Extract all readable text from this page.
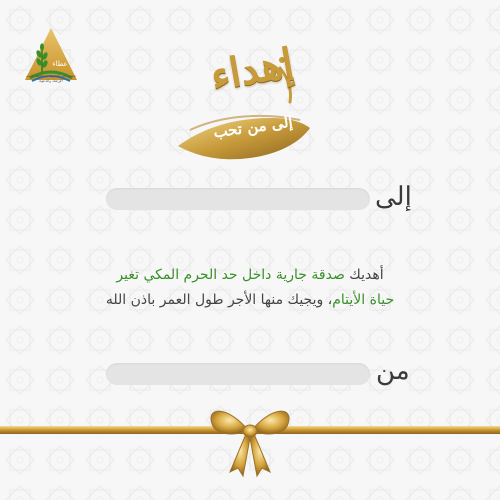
عطاء
جمعية البر الخيرية بمحافظة الليث
الإرشاد والدعوة	إهداء
إلى من تحب
إلى
أهديك صدقة جارية داخل حد الحرم المكي تغير
حياة الأيتام، ويجيك منها الأجر طول العمر باذن الله
من
